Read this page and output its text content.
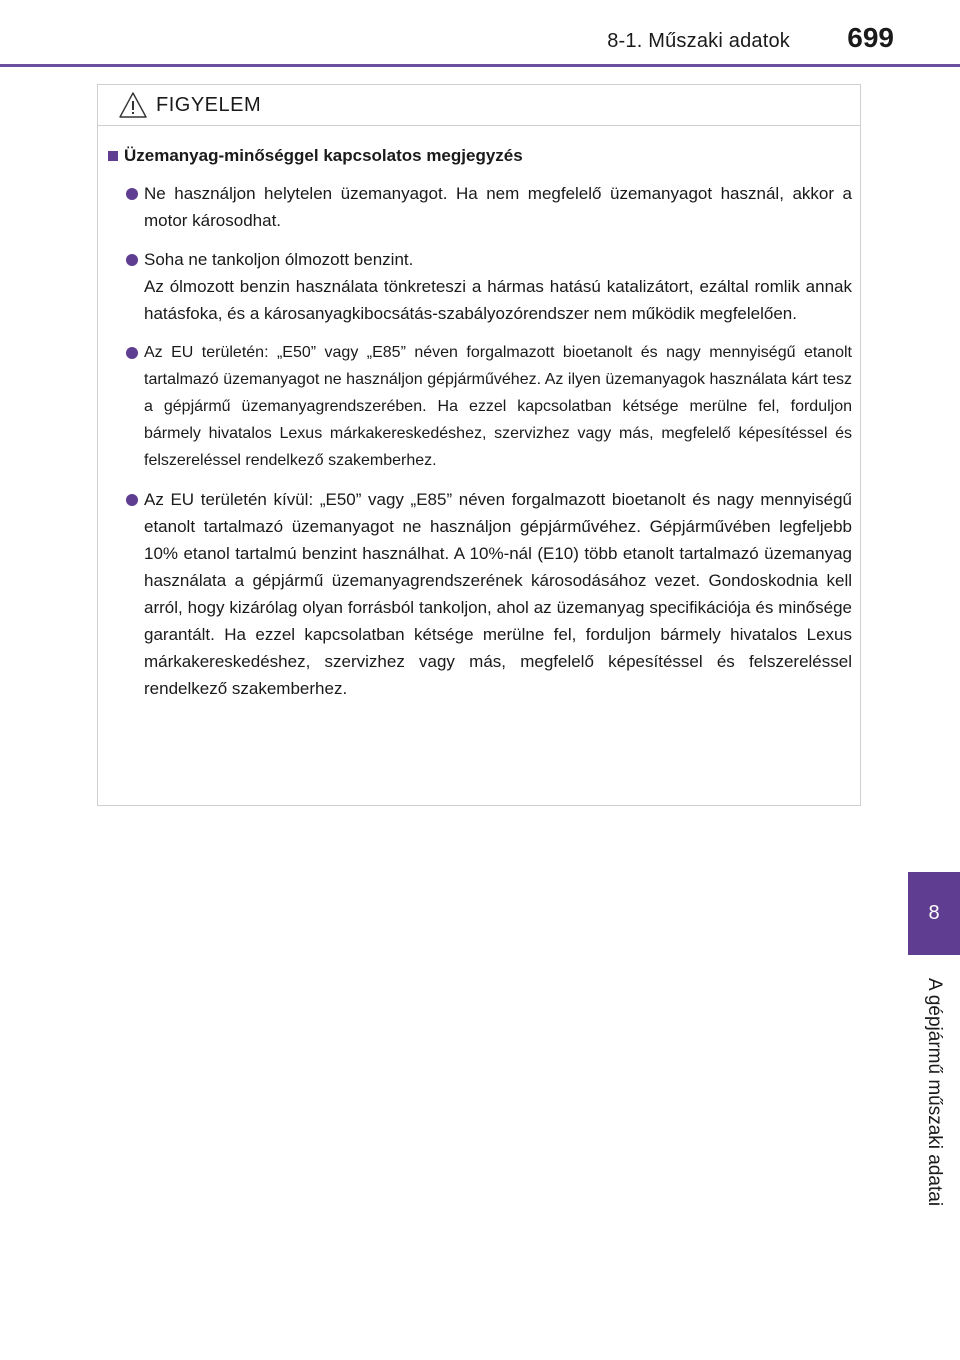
8-1. Műszaki adatok 699
8
A gépjármű műszaki adatai
FIGYELEM
Üzemanyag-minőséggel kapcsolatos megjegyzés
Ne használjon helytelen üzemanyagot. Ha nem megfelelő üzemanyagot használ, akkor a motor károsodhat.
Soha ne tankoljon ólmozott benzint.
Az ólmozott benzin használata tönkreteszi a hármas hatású katalizátort, ezáltal romlik annak hatásfoka, és a károsanyagkibocsátás-szabályozórendszer nem működik megfelelően.
Az EU területén: „E50” vagy „E85” néven forgalmazott bioetanolt és nagy mennyiségű etanolt tartalmazó üzemanyagot ne használjon gépjárművéhez. Az ilyen üzemanyagok használata kárt tesz a gépjármű üzemanyagrendszerében. Ha ezzel kapcsolatban kétsége merülne fel, forduljon bármely hivatalos Lexus márkakereskedéshez, szervizhez vagy más, megfelelő képesítéssel és felszereléssel rendelkező szakemberhez.
Az EU területén kívül: „E50” vagy „E85” néven forgalmazott bioetanolt és nagy mennyiségű etanolt tartalmazó üzemanyagot ne használjon gépjárművéhez. Gépjárművében legfeljebb 10% etanol tartalmú benzint használhat. A 10%-nál (E10) több etanolt tartalmazó üzemanyag használata a gépjármű üzemanyagrendszerének károsodásához vezet. Gondoskodnia kell arról, hogy kizárólag olyan forrásból tankoljon, ahol az üzemanyag specifikációja és minősége garantált. Ha ezzel kapcsolatban kétsége merülne fel, forduljon bármely hivatalos Lexus márkakereskedéshez, szervizhez vagy más, megfelelő képesítéssel és felszereléssel rendelkező szakemberhez.
